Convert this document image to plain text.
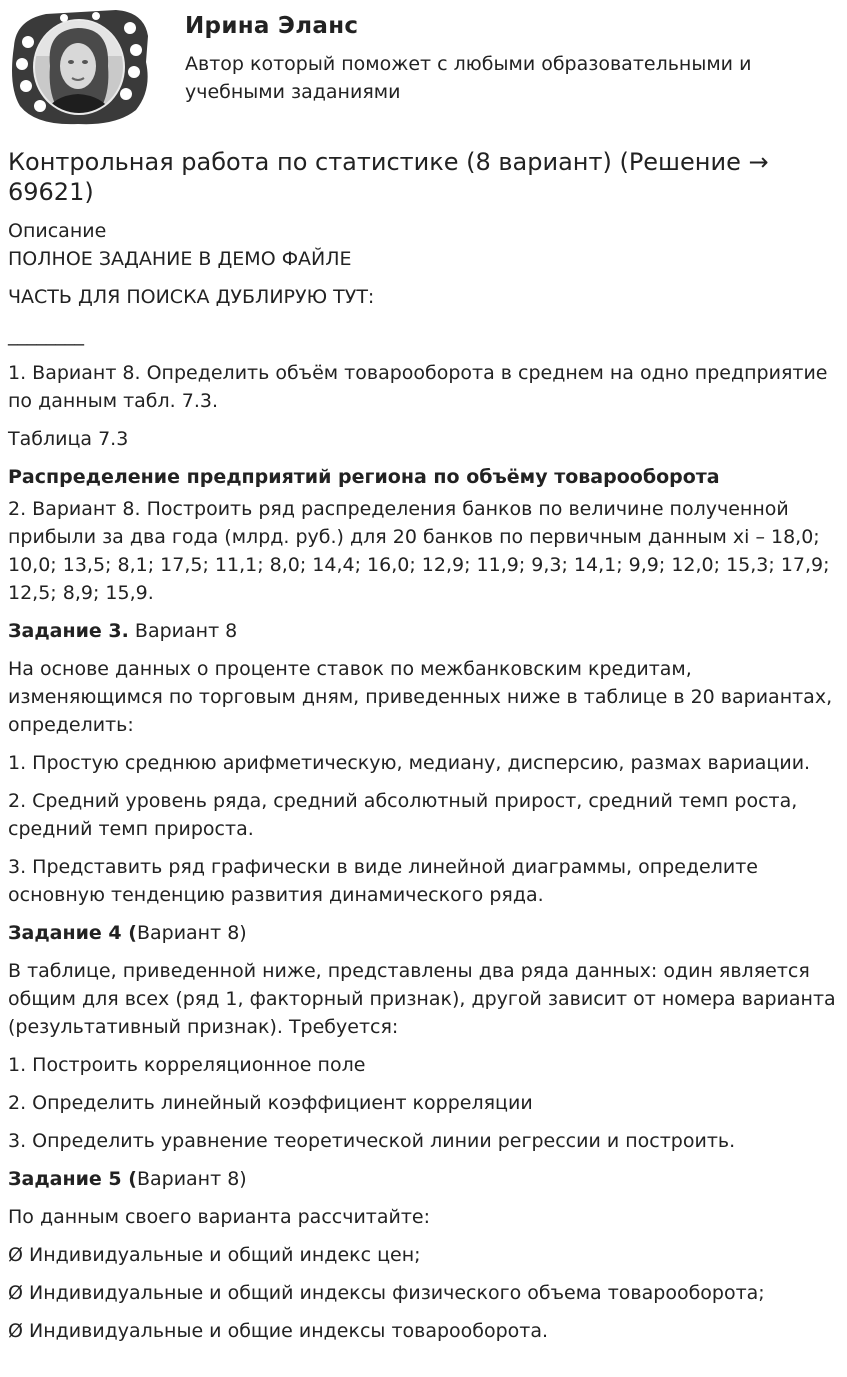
Ирина Эланс
Автор который поможет с любыми образовательными и учебными заданиями
Контрольная работа по статистике (8 вариант) (Решение → 69621)

Описание

ПОЛНОЕ ЗАДАНИЕ В ДЕМО ФАЙЛЕ

ЧАСТЬ ДЛЯ ПОИСКА ДУБЛИРУЮ ТУТ:

________

1. Вариант 8. Определить объём товарооборота в среднем на одно предприятие по данным табл. 7.3.

Таблица 7.3

Распределение предприятий региона по объёму товарооборота

2. Вариант 8. Построить ряд распределения банков по величине полученной прибыли за два года (млрд. руб.) для 20 банков по первичным данным xi – 18,0; 10,0; 13,5; 8,1; 17,5; 11,1; 8,0; 14,4; 16,0; 12,9; 11,9; 9,3; 14,1; 9,9; 12,0; 15,3; 17,9; 12,5; 8,9; 15,9.

Задание 3. Вариант 8

На основе данных о проценте ставок по межбанковским кредитам, изменяющимся по торговым дням, приведенных ниже в таблице в 20 вариантах, определить:

1. Простую среднюю арифметическую, медиану, дисперсию, размах вариации.

2. Средний уровень ряда, средний абсолютный прирост, средний темп роста, средний темп прироста.

3. Представить ряд графически в виде линейной диаграммы, определите основную тенденцию развития динамического ряда.

Задание 4 (Вариант 8)

В таблице, приведенной ниже, представлены два ряда данных: один является общим для всех (ряд 1, факторный признак), другой зависит от номера варианта (результативный признак). Требуется:

1. Построить корреляционное поле

2. Определить линейный коэффициент корреляции

3. Определить уравнение теоретической линии регрессии и построить.

Задание 5 (Вариант 8)

По данным своего варианта рассчитайте:

Ø Индивидуальные и общий индекс цен;

Ø Индивидуальные и общий индексы физического объема товарооборота;

Ø Индивидуальные и общие индексы товарооборота.
